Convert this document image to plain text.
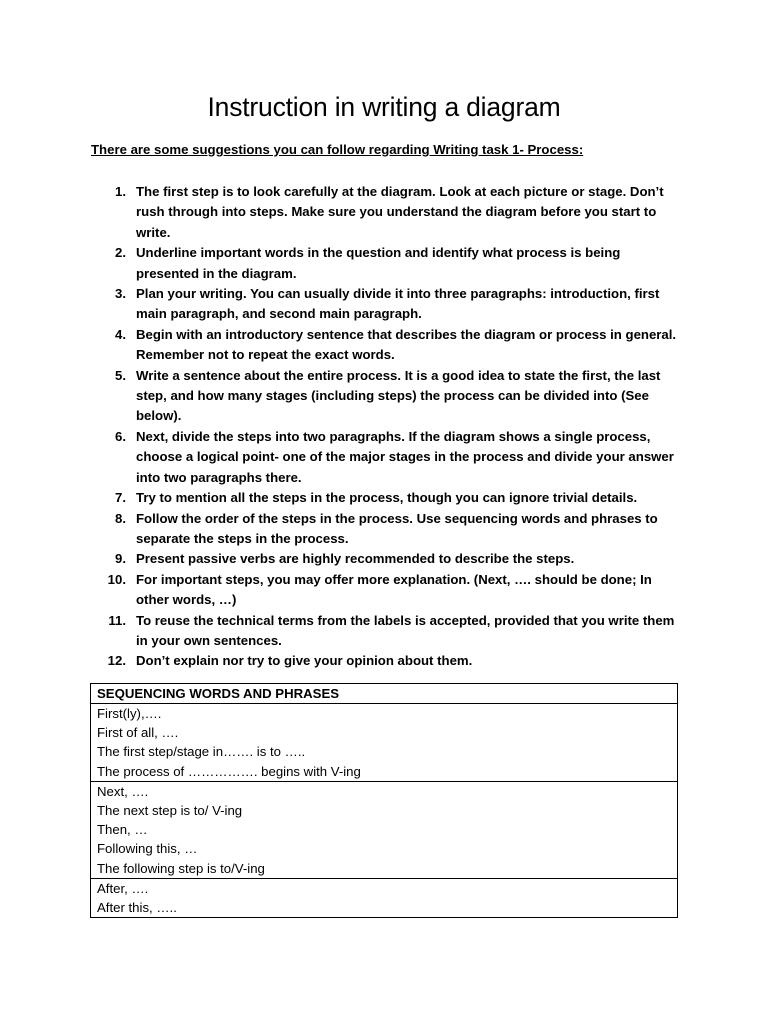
Instruction in writing a diagram

There are some suggestions you can follow regarding Writing task 1- Process:

1. The first step is to look carefully at the diagram. Look at each picture or stage. Don’t rush through into steps. Make sure you understand the diagram before you start to write.
2. Underline important words in the question and identify what process is being presented in the diagram.
3. Plan your writing. You can usually divide it into three paragraphs: introduction, first main paragraph, and second main paragraph.
4. Begin with an introductory sentence that describes the diagram or process in general. Remember not to repeat the exact words.
5. Write a sentence about the entire process. It is a good idea to state the first, the last step, and how many stages (including steps) the process can be divided into (See below).
6. Next, divide the steps into two paragraphs. If the diagram shows a single process, choose a logical point- one of the major stages in the process and divide your answer into two paragraphs there.
7. Try to mention all the steps in the process, though you can ignore trivial details.
8. Follow the order of the steps in the process. Use sequencing words and phrases to separate the steps in the process.
9. Present passive verbs are highly recommended to describe the steps.
10. For important steps, you may offer more explanation. (Next, …. should be done; In other words, …)
11. To reuse the technical terms from the labels is accepted, provided that you write them in your own sentences.
12. Don’t explain nor try to give your opinion about them.
SEQUENCING WORDS AND PHRASES

First(ly),….
First of all, ….
The first step/stage in……. is to …..
The process of ……………. begins with V-ing

Next, ….
The next step is to/ V-ing
Then, …
Following this, …
The following step is to/V-ing

After, ….
After this, …..
